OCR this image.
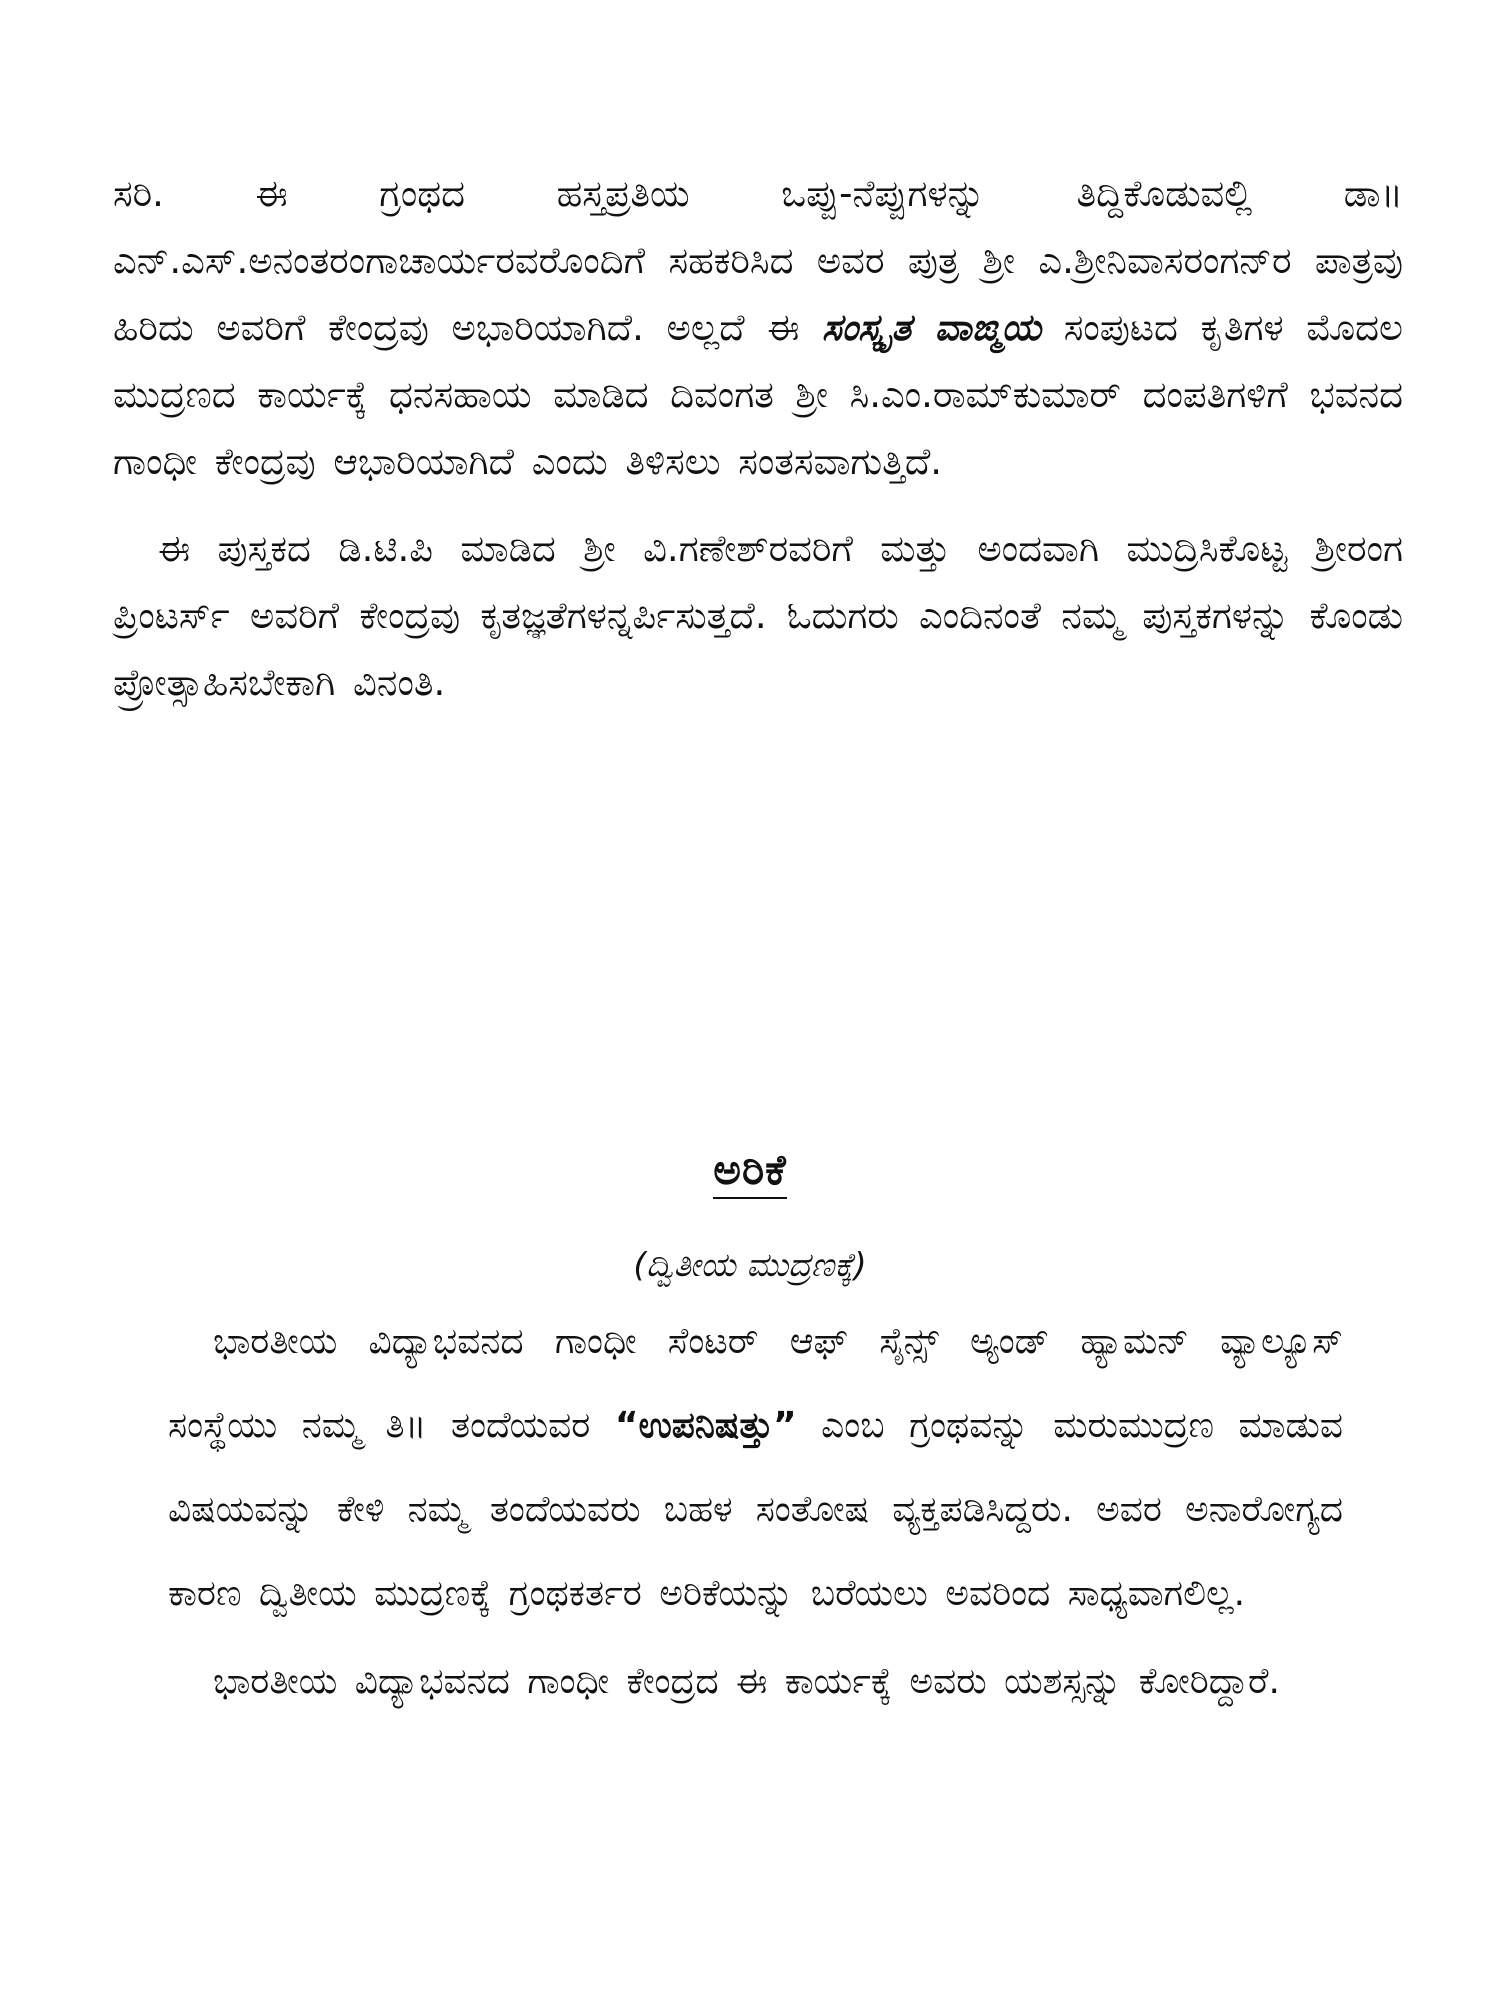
ಸರಿ. ಈ ಗ್ರಂಥದ ಹಸ್ತಪ್ರತಿಯ ಒಪ್ಪು-ನೆಪ್ಪುಗಳನ್ನು ತಿದ್ದಿಕೊಡುವಲ್ಲಿ ಡಾ॥ ಎನ್.ಎಸ್.ಅನಂತರಂಗಾಚಾರ್ಯರವರೊಂದಿಗೆ ಸಹಕರಿಸಿದ ಅವರ ಪುತ್ರ ಶ್ರೀ ಎ.ಶ್ರೀನಿವಾಸರಂಗನ್‌ರ ಪಾತ್ರವು ಹಿರಿದು ಅವರಿಗೆ ಕೇಂದ್ರವು ಅಭಾರಿಯಾಗಿದೆ. ಅಲ್ಲದೆ ಈ ಸಂಸ್ಕೃತ ವಾಙ್ಮಯ ಸಂಪುಟದ ಕೃತಿಗಳ ಮೊದಲ ಮುದ್ರಣದ ಕಾರ್ಯಕ್ಕೆ ಧನಸಹಾಯ ಮಾಡಿದ ದಿವಂಗತ ಶ್ರೀ ಸಿ.ಎಂ.ರಾಮ್‌ಕುಮಾರ್ ದಂಪತಿಗಳಿಗೆ ಭವನದ ಗಾಂಧೀ ಕೇಂದ್ರವು ಆಭಾರಿಯಾಗಿದೆ ಎಂದು ತಿಳಿಸಲು ಸಂತಸವಾಗುತ್ತಿದೆ.

ಈ ಪುಸ್ತಕದ ಡಿ.ಟಿ.ಪಿ ಮಾಡಿದ ಶ್ರೀ ವಿ.ಗಣೇಶ್‌ರವರಿಗೆ ಮತ್ತು ಅಂದವಾಗಿ ಮುದ್ರಿಸಿಕೊಟ್ಟ ಶ್ರೀರಂಗ ಪ್ರಿಂಟರ್ಸ್ ಅವರಿಗೆ ಕೇಂದ್ರವು ಕೃತಜ್ಞತೆಗಳನ್ನರ್ಪಿಸುತ್ತದೆ. ಓದುಗರು ಎಂದಿನಂತೆ ನಮ್ಮ ಪುಸ್ತಕಗಳನ್ನು ಕೊಂಡು ಪ್ರೋತ್ಸಾಹಿಸಬೇಕಾಗಿ ವಿನಂತಿ.

ಅರಿಕೆ
(ದ್ವಿತೀಯ ಮುದ್ರಣಕ್ಕೆ)

ಭಾರತೀಯ ವಿದ್ಯಾಭವನದ ಗಾಂಧೀ ಸೆಂಟರ್ ಆಫ್ ಸೈನ್ಸ್ ಅ್ಯಂಡ್ ಹ್ಯಾಮನ್ ವ್ಯಾಲ್ಯೂಸ್ ಸಂಸ್ಥೆಯು ನಮ್ಮ ತಿ॥ ತಂದೆಯವರ “ಉಪನಿಷತ್ತು” ಎಂಬ ಗ್ರಂಥವನ್ನು ಮರುಮುದ್ರಣ ಮಾಡುವ ವಿಷಯವನ್ನು ಕೇಳಿ ನಮ್ಮ ತಂದೆಯವರು ಬಹಳ ಸಂತೋಷ ವ್ಯಕ್ತಪಡಿಸಿದ್ದರು. ಅವರ ಅನಾರೋಗ್ಯದ ಕಾರಣ ದ್ವಿತೀಯ ಮುದ್ರಣಕ್ಕೆ ಗ್ರಂಥಕರ್ತರ ಅರಿಕೆಯನ್ನು ಬರೆಯಲು ಅವರಿಂದ ಸಾಧ್ಯವಾಗಲಿಲ್ಲ.

ಭಾರತೀಯ ವಿದ್ಯಾಭವನದ ಗಾಂಧೀ ಕೇಂದ್ರದ ಈ ಕಾರ್ಯಕ್ಕೆ ಅವರು ಯಶಸ್ಸನ್ನು ಕೋರಿದ್ದಾರೆ.
